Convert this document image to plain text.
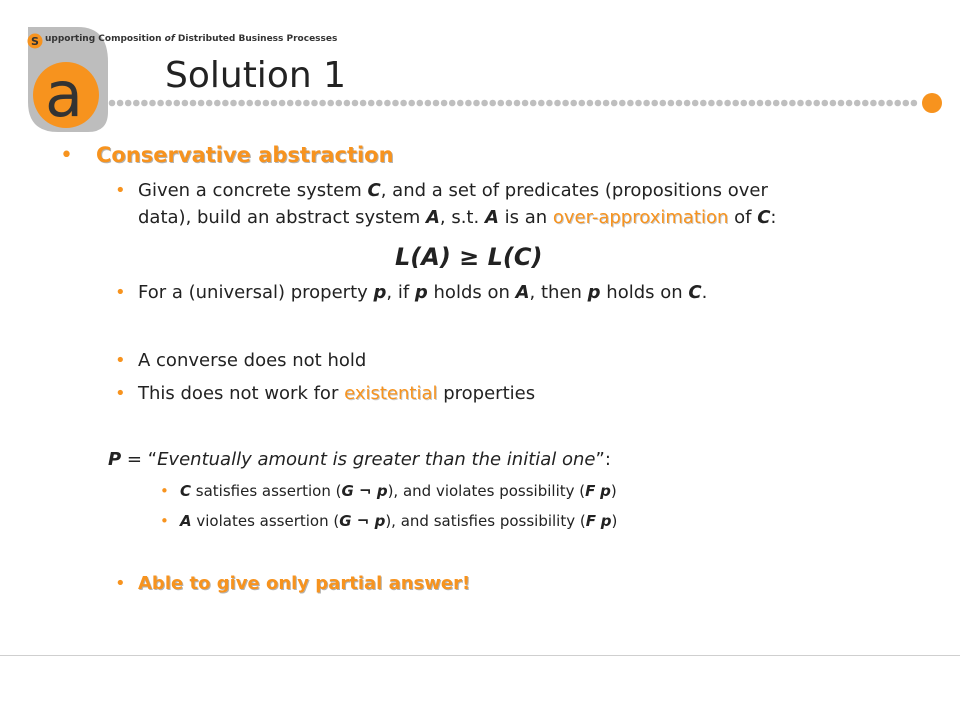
S
a
upporting Composition of Distributed Business Processes
Solution 1
• Conservative abstraction
• Given a concrete system C, and a set of predicates (propositions over
data), build an abstract system A, s.t. A is an over-approximation of C:
L(A) ≥ L(C)
• For a (universal) property p, if p holds on A, then p holds on C.
• A converse does not hold
• This does not work for existential properties
P = “Eventually amount is greater than the initial one”:
• C satisfies assertion (G ¬ p), and violates possibility (F p)
• A violates assertion (G ¬ p), and satisfies possibility (F p)
• Able to give only partial answer!
